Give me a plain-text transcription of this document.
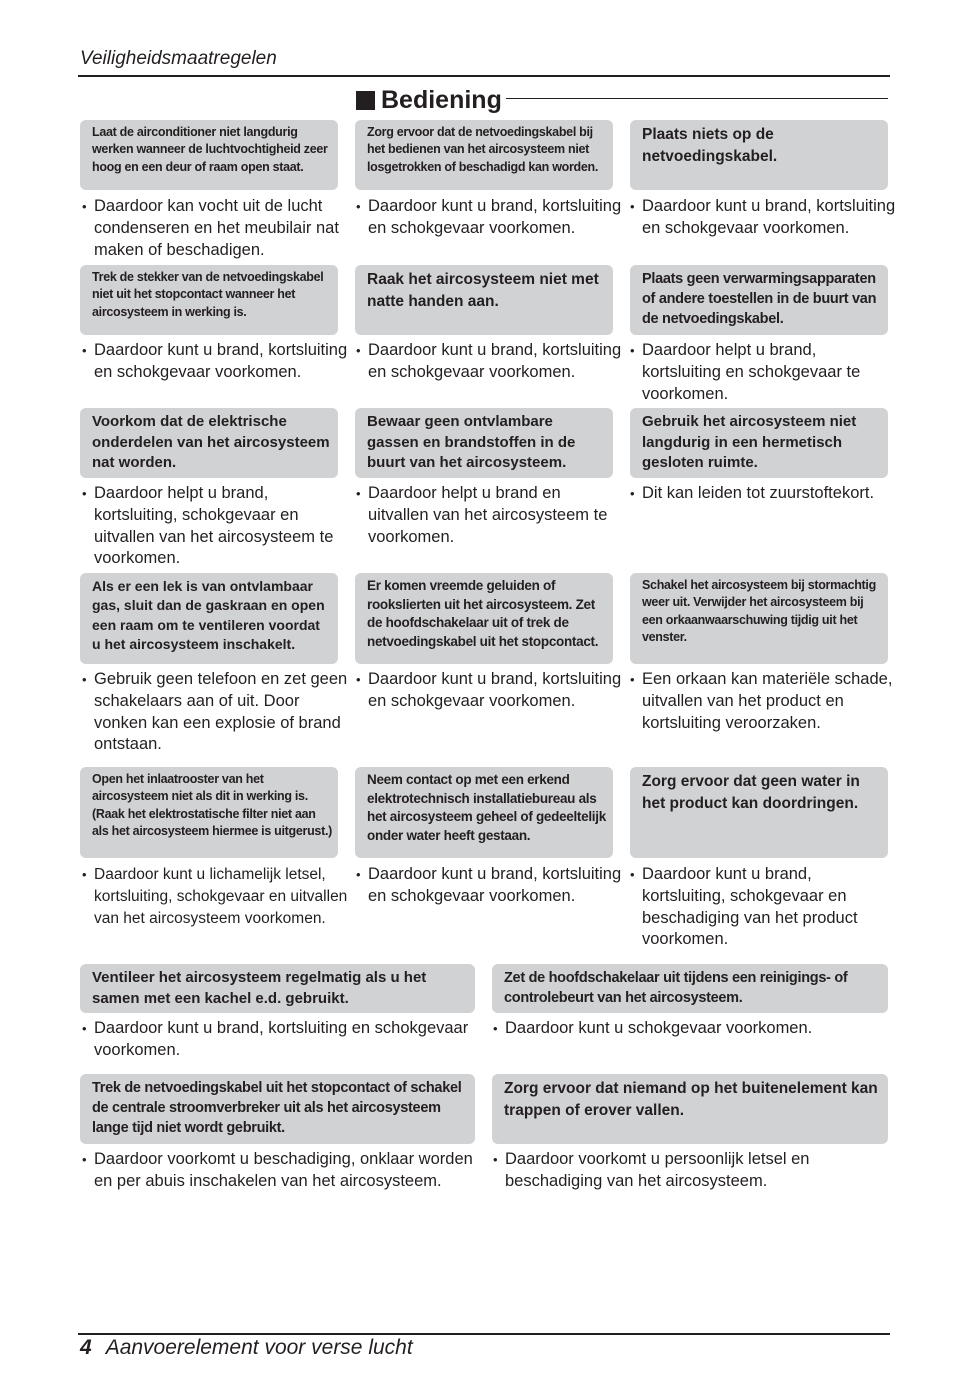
Veiligheidsmaatregelen
Bediening
Laat de airconditioner niet langdurig werken wanneer de luchtvochtigheid zeer hoog en een deur of raam open staat.
• Daardoor kan vocht uit de lucht condenseren en het meubilair nat maken of beschadigen.
Zorg ervoor dat de netvoedingskabel bij het bedienen van het aircosysteem niet losgetrokken of beschadigd kan worden.
• Daardoor kunt u brand, kortsluiting en schokgevaar voorkomen.
Plaats niets op de netvoedingskabel.
• Daardoor kunt u brand, kortsluiting en schokgevaar voorkomen.
Trek de stekker van de netvoedingskabel niet uit het stopcontact wanneer het aircosysteem in werking is.
• Daardoor kunt u brand, kortsluiting en schokgevaar voorkomen.
Raak het aircosysteem niet met natte handen aan.
• Daardoor kunt u brand, kortsluiting en schokgevaar voorkomen.
Plaats geen verwarmingsapparaten of andere toestellen in de buurt van de netvoedingskabel.
• Daardoor helpt u brand, kortsluiting en schokgevaar te voorkomen.
Voorkom dat de elektrische onderdelen van het aircosysteem nat worden.
• Daardoor helpt u brand, kortsluiting, schokgevaar en uitvallen van het aircosysteem te voorkomen.
Bewaar geen ontvlambare gassen en brandstoffen in de buurt van het aircosysteem.
• Daardoor helpt u brand en uitvallen van het aircosysteem te voorkomen.
Gebruik het aircosysteem niet langdurig in een hermetisch gesloten ruimte.
• Dit kan leiden tot zuurstoftekort.
Als er een lek is van ontvlambaar gas, sluit dan de gaskraan en open een raam om te ventileren voordat u het aircosysteem inschakelt.
• Gebruik geen telefoon en zet geen schakelaars aan of uit. Door vonken kan een explosie of brand ontstaan.
Er komen vreemde geluiden of rookslierten uit het aircosysteem. Zet de hoofdschakelaar uit of trek de netvoedingskabel uit het stopcontact.
• Daardoor kunt u brand, kortsluiting en schokgevaar voorkomen.
Schakel het aircosysteem bij stormachtig weer uit. Verwijder het aircosysteem bij een orkaanwaarschuwing tijdig uit het venster.
• Een orkaan kan materiële schade, uitvallen van het product en kortsluiting veroorzaken.
Open het inlaatrooster van het aircosysteem niet als dit in werking is. (Raak het elektrostatische filter niet aan als het aircosysteem hiermee is uitgerust.)
• Daardoor kunt u lichamelijk letsel, kortsluiting, schokgevaar en uitvallen van het aircosysteem voorkomen.
Neem contact op met een erkend elektrotechnisch installatiebureau als het aircosysteem geheel of gedeeltelijk onder water heeft gestaan.
• Daardoor kunt u brand, kortsluiting en schokgevaar voorkomen.
Zorg ervoor dat geen water in het product kan doordringen.
• Daardoor kunt u brand, kortsluiting, schokgevaar en beschadiging van het product voorkomen.
Ventileer het aircosysteem regelmatig als u het samen met een kachel e.d. gebruikt.
• Daardoor kunt u brand, kortsluiting en schokgevaar voorkomen.
Zet de hoofdschakelaar uit tijdens een reinigings- of controlebeurt van het aircosysteem.
• Daardoor kunt u schokgevaar voorkomen.
Trek de netvoedingskabel uit het stopcontact of schakel de centrale stroomverbreker uit als het aircosysteem lange tijd niet wordt gebruikt.
• Daardoor voorkomt u beschadiging, onklaar worden en per abuis inschakelen van het aircosysteem.
Zorg ervoor dat niemand op het buitenelement kan trappen of erover vallen.
• Daardoor voorkomt u persoonlijk letsel en beschadiging van het aircosysteem.
4 Aanvoerelement voor verse lucht
